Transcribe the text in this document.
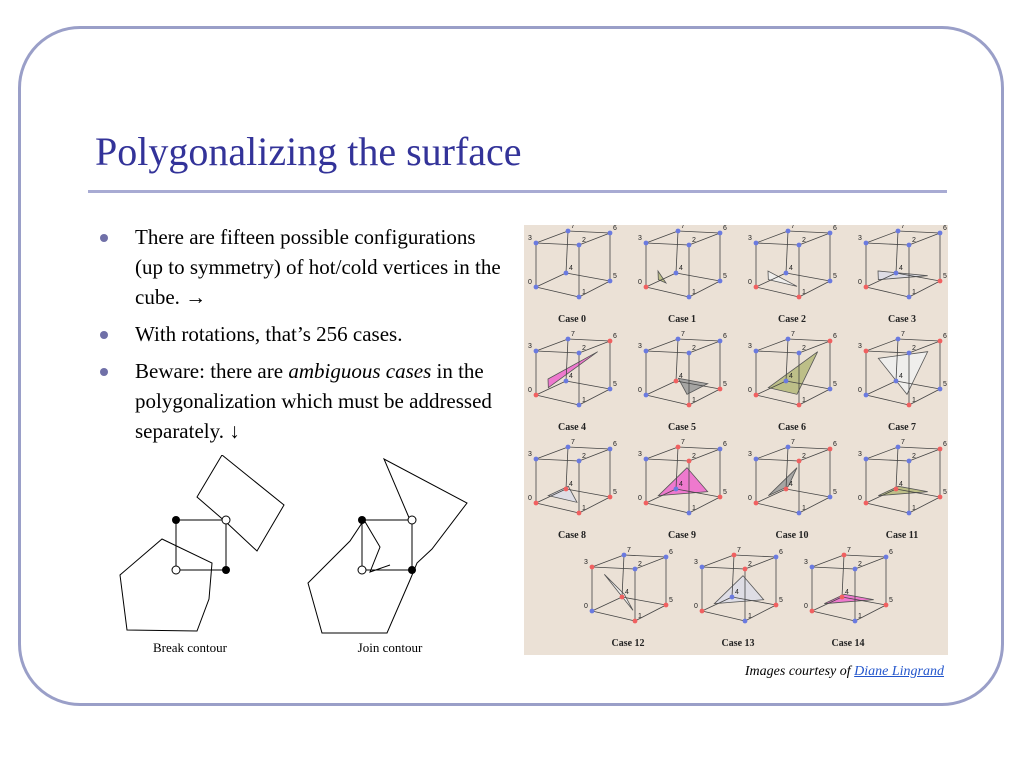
Polygonalizing the surface
There are fifteen possible configurations (up to symmetry) of hot/cold vertices in the cube. →
With rotations, that’s 256 cases.
Beware: there are ambiguous cases in the polygonalization which must be addressed separately. ↓
Break contour	Join contour
0
1
2
3
4
5
6
7
Case 0
0
1
2
3
4
5
6
7
Case 1
0
1
2
3
4
5
6
7
Case 2
0
1
2
3
4
5
6
7
Case 3
0
1
2
3
4
5
6
7
Case 4
0
1
2
3
4
5
6
7
Case 5
0
1
2
3
4
5
6
7
Case 6
0
1
2
3
4
5
6
7
Case 7
0
1
2
3
4
5
6
7
Case 8
0
1
2
3
4
5
6
7
Case 9
0
1
2
3
4
5
6
7
Case 10
0
1
2
3
4
5
6
7
Case 11
0
1
2
3
4
5
6
7
Case 12
0
1
2
3
4
5
6
7
Case 13
0
1
2
3
4
5
6
7
Case 14
Images courtesy of Diane Lingrand
